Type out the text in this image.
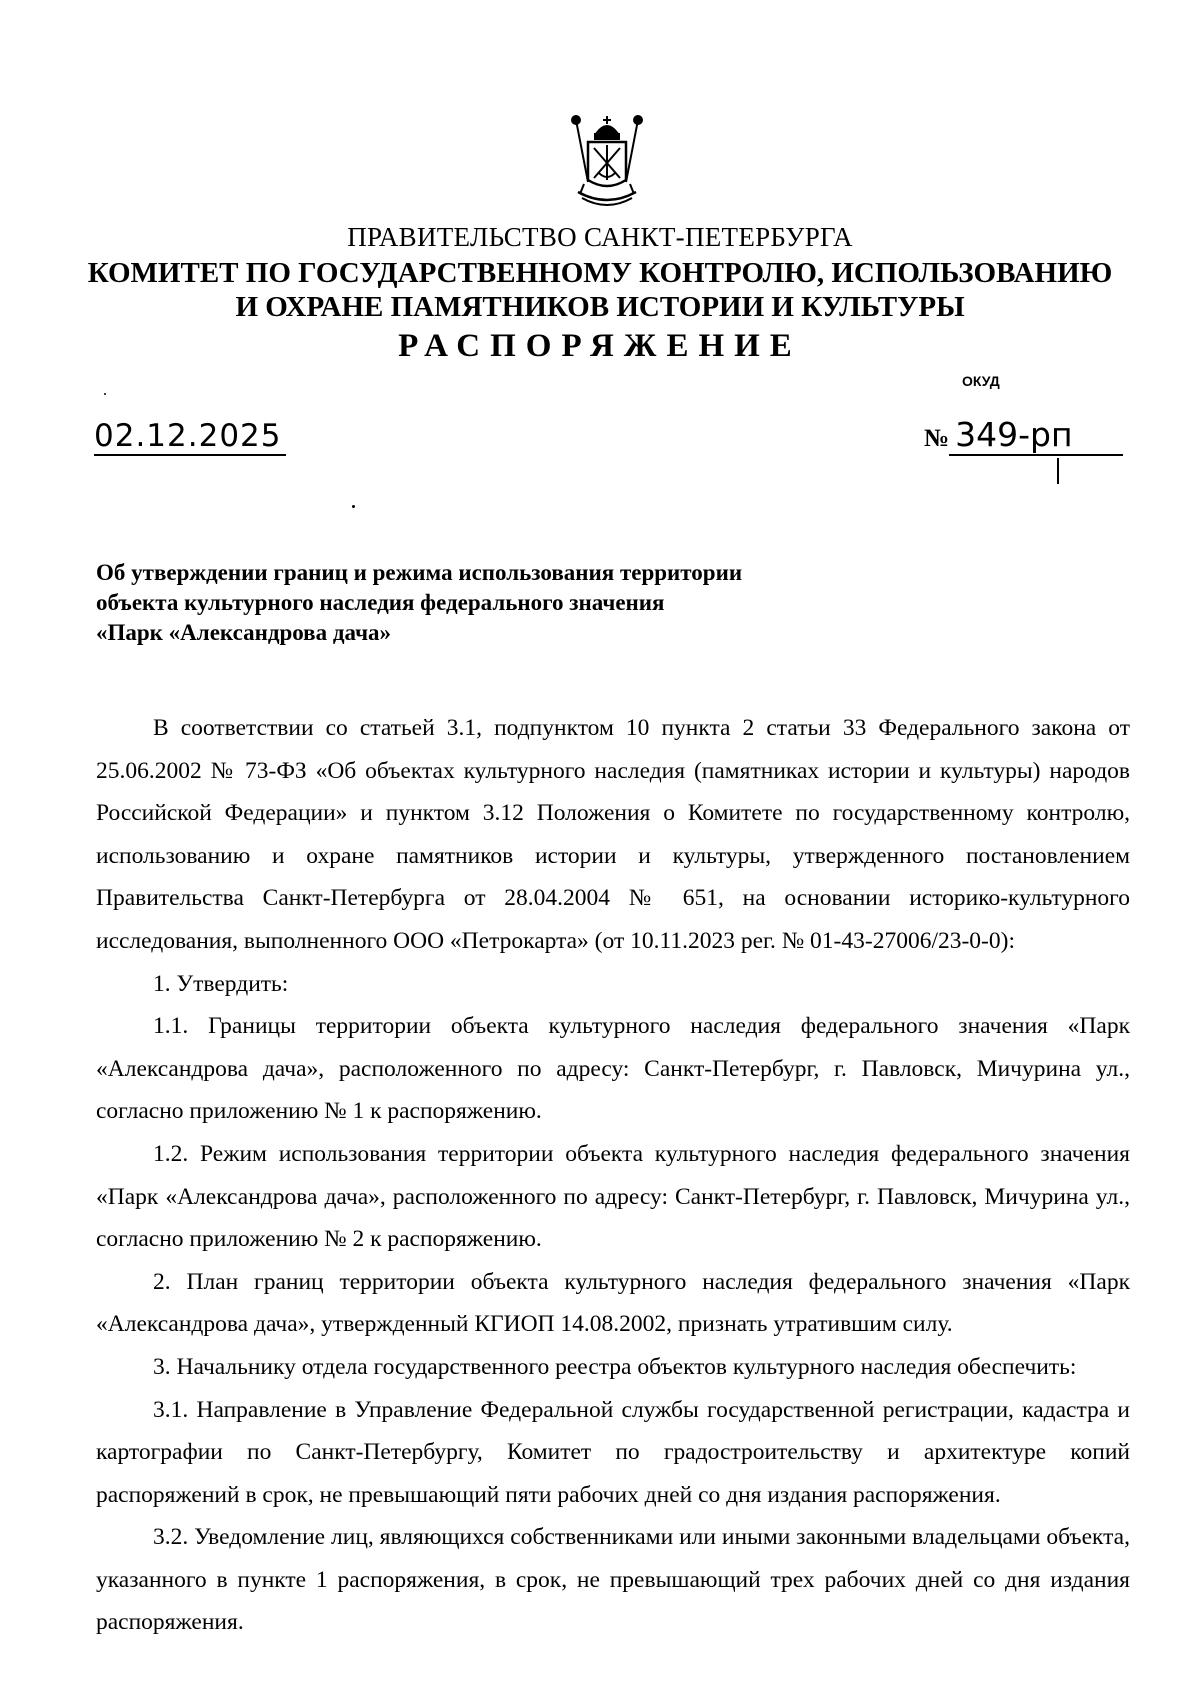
ПРАВИТЕЛЬСТВО САНКТ-ПЕТЕРБУРГА
КОМИТЕТ ПО ГОСУДАРСТВЕННОМУ КОНТРОЛЮ, ИСПОЛЬЗОВАНИЮ
И ОХРАНЕ ПАМЯТНИКОВ ИСТОРИИ И КУЛЬТУРЫ
РАСПОРЯЖЕНИЕ
ОКУД
02.12.2025	№ 349-рп

Об утверждении границ и режима использования территории

объекта культурного наследия федерального значения

«Парк «Александрова дача»

В соответствии со статьей 3.1, подпунктом 10 пункта 2 статьи 33 Федерального закона от 25.06.2002 № 73-ФЗ «Об объектах культурного наследия (памятниках истории и культуры) народов Российской Федерации» и пунктом 3.12 Положения о Комитете по государственному контролю, использованию и охране памятников истории и культуры, утвержденного постановлением Правительства Санкт-Петербурга от 28.04.2004 № 651, на основании историко-культурного исследования, выполненного ООО «Петрокарта» (от 10.11.2023 рег. № 01-43-27006/23-0-0):

1. Утвердить:

1.1. Границы территории объекта культурного наследия федерального значения «Парк «Александрова дача», расположенного по адресу: Санкт-Петербург, г. Павловск, Мичурина ул., согласно приложению № 1 к распоряжению.

1.2. Режим использования территории объекта культурного наследия федерального значения «Парк «Александрова дача», расположенного по адресу: Санкт-Петербург, г. Павловск, Мичурина ул., согласно приложению № 2 к распоряжению.

2. План границ территории объекта культурного наследия федерального значения «Парк «Александрова дача», утвержденный КГИОП 14.08.2002, признать утратившим силу.

3. Начальнику отдела государственного реестра объектов культурного наследия обеспечить:

3.1. Направление в Управление Федеральной службы государственной регистрации, кадастра и картографии по Санкт-Петербургу, Комитет по градостроительству и архитектуре копий распоряжений в срок, не превышающий пяти рабочих дней со дня издания распоряжения.

3.2. Уведомление лиц, являющихся собственниками или иными законными владельцами объекта, указанного в пункте 1 распоряжения, в срок, не превышающий трех рабочих дней со дня издания распоряжения.
